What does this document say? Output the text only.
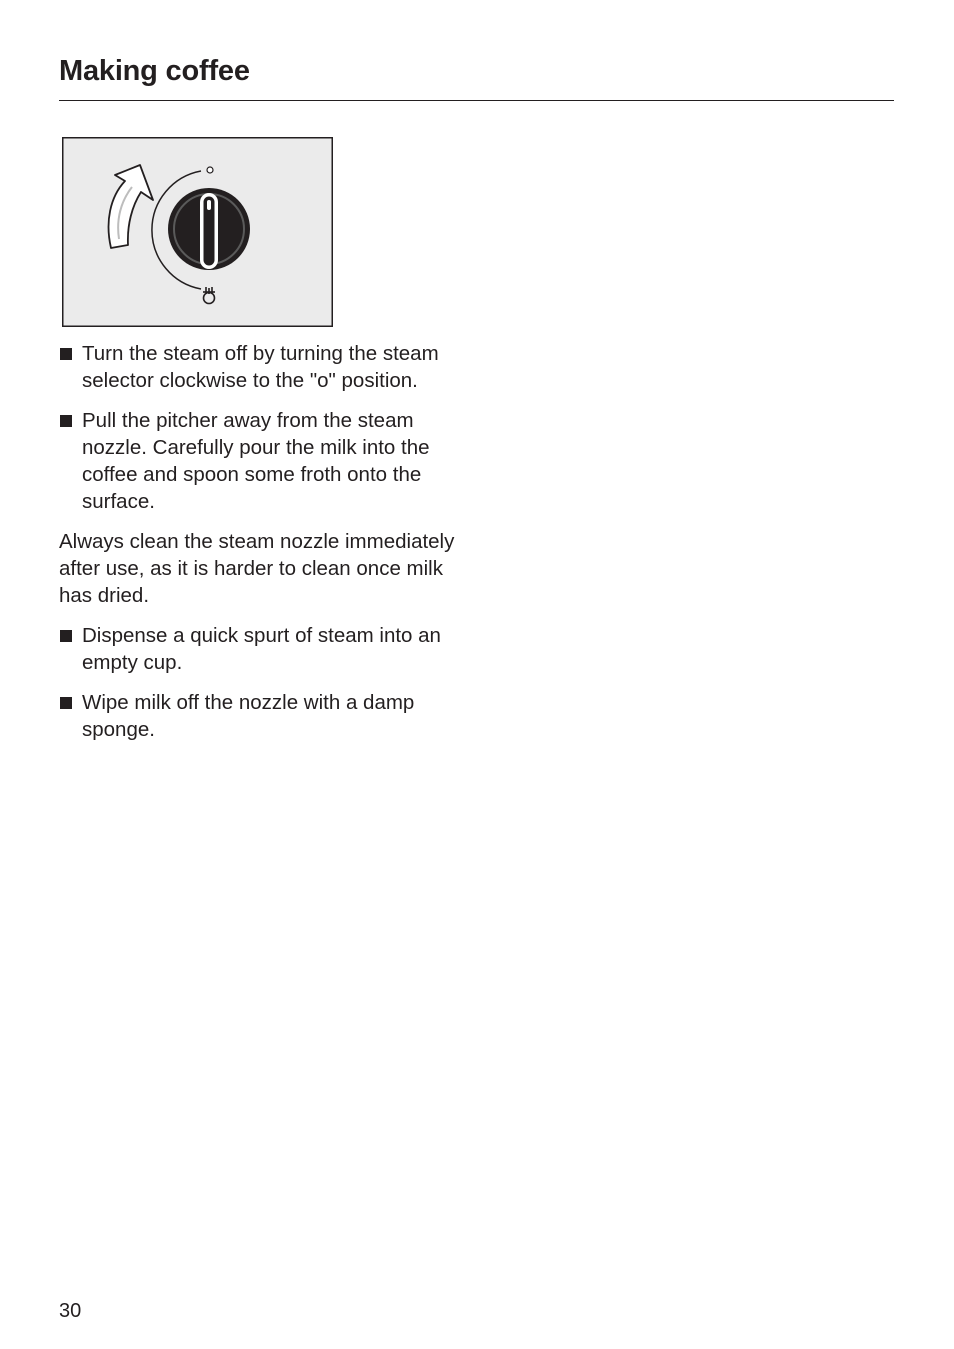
Making coffee
Turn the steam off by turning the steam selector clockwise to the "o" position.
Pull the pitcher away from the steam nozzle. Carefully pour the milk into the coffee and spoon some froth onto the surface.

Always clean the steam nozzle immediately after use, as it is harder to clean once milk has dried.

Dispense a quick spurt of steam into an empty cup.
Wipe milk off the nozzle with a damp sponge.
30
